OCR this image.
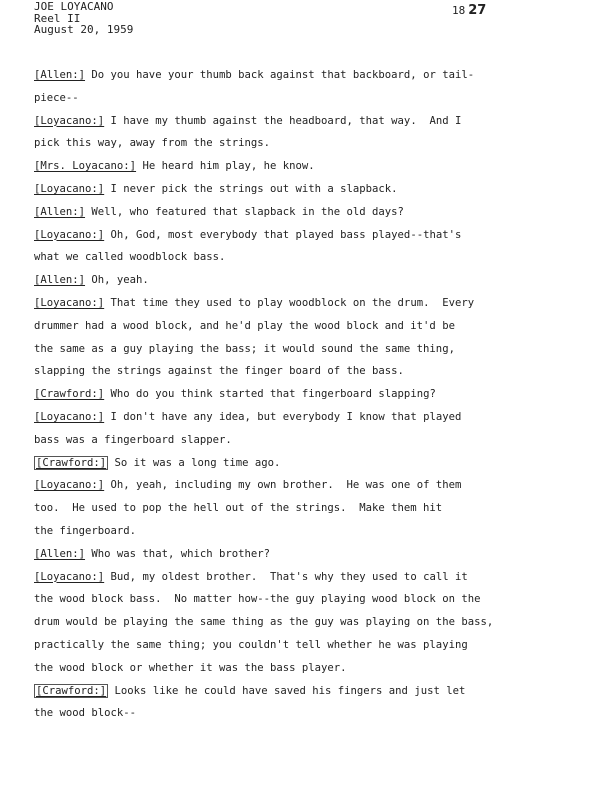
JOE LOYACANO
Reel II
August 20, 1959
18 27
[Allen:] Do you have your thumb back against that backboard, or tail-
piece--
[Loyacano:] I have my thumb against the headboard, that way.  And I
pick this way, away from the strings.
[Mrs. Loyacano:] He heard him play, he know.
[Loyacano:] I never pick the strings out with a slapback.
[Allen:] Well, who featured that slapback in the old days?
[Loyacano:] Oh, God, most everybody that played bass played--that's
what we called woodblock bass.
[Allen:] Oh, yeah.
[Loyacano:] That time they used to play woodblock on the drum.  Every
drummer had a wood block, and he'd play the wood block and it'd be
the same as a guy playing the bass; it would sound the same thing,
slapping the strings against the finger board of the bass.
[Crawford:] Who do you think started that fingerboard slapping?
[Loyacano:] I don't have any idea, but everybody I know that played
bass was a fingerboard slapper.
[Crawford:] So it was a long time ago.
[Loyacano:] Oh, yeah, including my own brother.  He was one of them
too.  He used to pop the hell out of the strings.  Make them hit
the fingerboard.
[Allen:] Who was that, which brother?
[Loyacano:] Bud, my oldest brother.  That's why they used to call it
the wood block bass.  No matter how--the guy playing wood block on the
drum would be playing the same thing as the guy was playing on the bass,
practically the same thing; you couldn't tell whether he was playing
the wood block or whether it was the bass player.
[Crawford:] Looks like he could have saved his fingers and just let
the wood block--
